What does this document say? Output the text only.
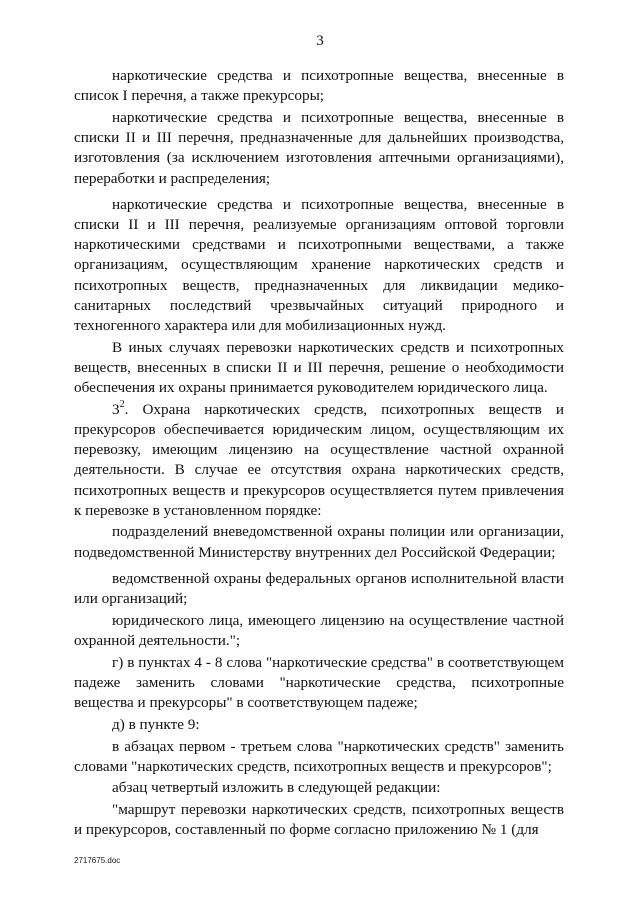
3

наркотические средства и психотропные вещества, внесенные в список I перечня, а также прекурсоры;

наркотические средства и психотропные вещества, внесенные в списки II и III перечня, предназначенные для дальнейших производства, изготовления (за исключением изготовления аптечными организациями), переработки и распределения;

наркотические средства и психотропные вещества, внесенные в списки II и III перечня, реализуемые организациям оптовой торговли наркотическими средствами и психотропными веществами, а также организациям, осуществляющим хранение наркотических средств и психотропных веществ, предназначенных для ликвидации медико-санитарных последствий чрезвычайных ситуаций природного и техногенного характера или для мобилизационных нужд.

В иных случаях перевозки наркотических средств и психотропных веществ, внесенных в списки II и III перечня, решение о необходимости обеспечения их охраны принимается руководителем юридического лица.

$3^2$. Охрана наркотических средств, психотропных веществ и прекурсоров обеспечивается юридическим лицом, осуществляющим их перевозку, имеющим лицензию на осуществление частной охранной деятельности. В случае ее отсутствия охрана наркотических средств, психотропных веществ и прекурсоров осуществляется путем привлечения к перевозке в установленном порядке:

подразделений вневедомственной охраны полиции или организации, подведомственной Министерству внутренних дел Российской Федерации;

ведомственной охраны федеральных органов исполнительной власти или организаций;

юридического лица, имеющего лицензию на осуществление частной охранной деятельности.";

г) в пунктах 4 - 8 слова "наркотические средства" в соответствующем падеже заменить словами "наркотические средства, психотропные вещества и прекурсоры" в соответствующем падеже;

д) в пункте 9:

в абзацах первом - третьем слова "наркотических средств" заменить словами "наркотических средств, психотропных веществ и прекурсоров";

абзац четвертый изложить в следующей редакции:

"маршрут перевозки наркотических средств, психотропных веществ и прекурсоров, составленный по форме согласно приложению № 1 (для

2717675.doc
